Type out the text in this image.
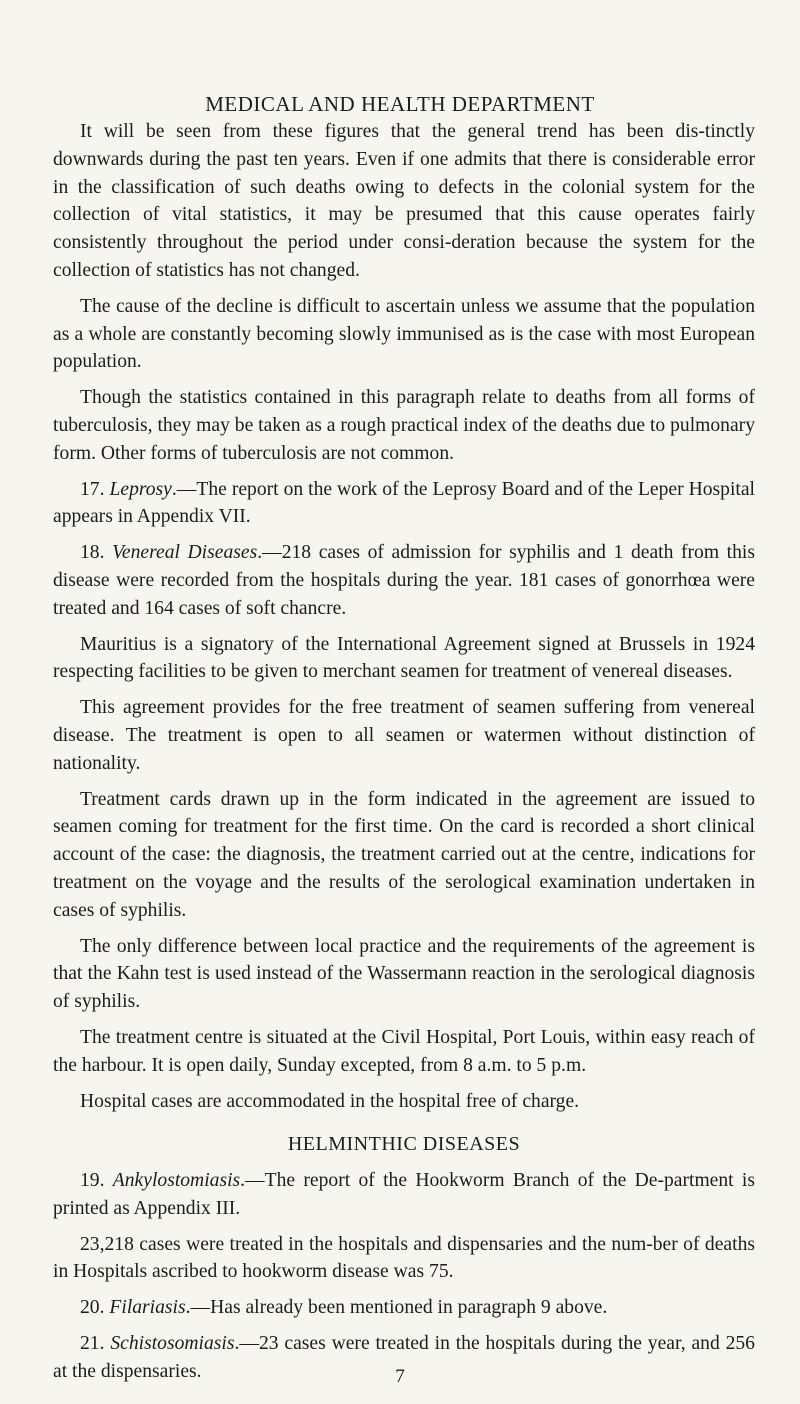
MEDICAL AND HEALTH DEPARTMENT

It will be seen from these figures that the general trend has been dis-tinctly downwards during the past ten years. Even if one admits that there is considerable error in the classification of such deaths owing to defects in the colonial system for the collection of vital statistics, it may be presumed that this cause operates fairly consistently throughout the period under consi-deration because the system for the collection of statistics has not changed.

The cause of the decline is difficult to ascertain unless we assume that the population as a whole are constantly becoming slowly immunised as is the case with most European population.

Though the statistics contained in this paragraph relate to deaths from all forms of tuberculosis, they may be taken as a rough practical index of the deaths due to pulmonary form. Other forms of tuberculosis are not common.

17. Leprosy.—The report on the work of the Leprosy Board and of the Leper Hospital appears in Appendix VII.

18. Venereal Diseases.—218 cases of admission for syphilis and 1 death from this disease were recorded from the hospitals during the year. 181 cases of gonorrhœa were treated and 164 cases of soft chancre.

Mauritius is a signatory of the International Agreement signed at Brussels in 1924 respecting facilities to be given to merchant seamen for treatment of venereal diseases.

This agreement provides for the free treatment of seamen suffering from venereal disease. The treatment is open to all seamen or watermen without distinction of nationality.

Treatment cards drawn up in the form indicated in the agreement are issued to seamen coming for treatment for the first time. On the card is recorded a short clinical account of the case: the diagnosis, the treatment carried out at the centre, indications for treatment on the voyage and the results of the serological examination undertaken in cases of syphilis.

The only difference between local practice and the requirements of the agreement is that the Kahn test is used instead of the Wassermann reaction in the serological diagnosis of syphilis.

The treatment centre is situated at the Civil Hospital, Port Louis, within easy reach of the harbour. It is open daily, Sunday excepted, from 8 a.m. to 5 p.m.

Hospital cases are accommodated in the hospital free of charge.

HELMINTHIC DISEASES

19. Ankylostomiasis.—The report of the Hookworm Branch of the De-partment is printed as Appendix III.

23,218 cases were treated in the hospitals and dispensaries and the num-ber of deaths in Hospitals ascribed to hookworm disease was 75.

20. Filariasis.—Has already been mentioned in paragraph 9 above.

21. Schistosomiasis.—23 cases were treated in the hospitals during the year, and 256 at the dispensaries.	7
